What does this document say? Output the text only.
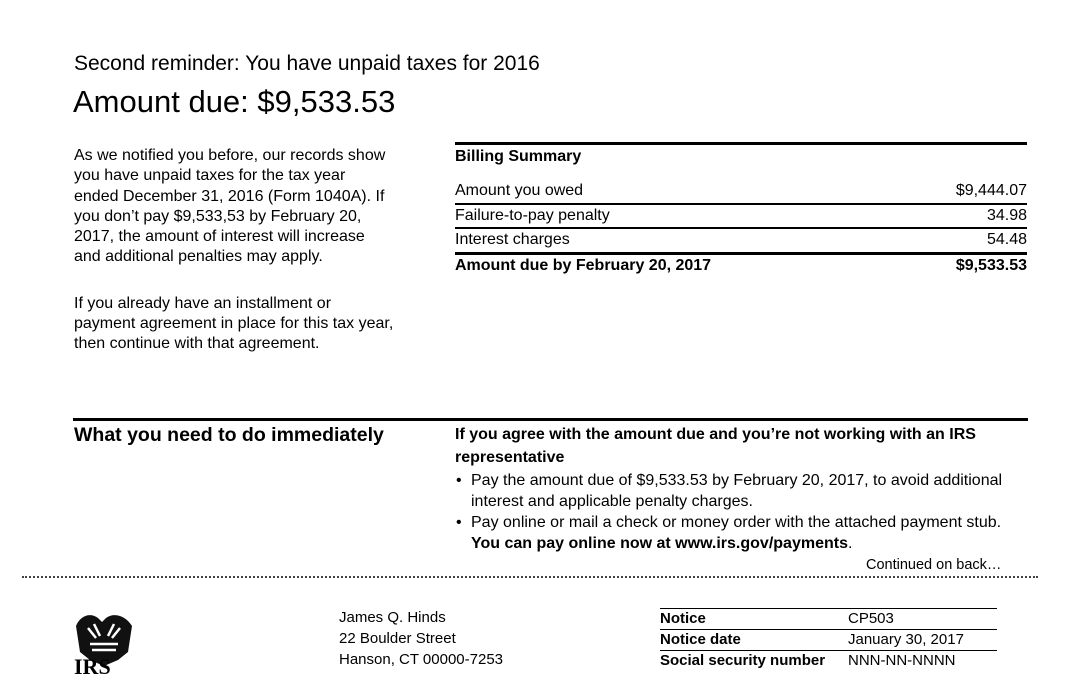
Second reminder: You have unpaid taxes for 2016
Amount due: $9,533.53

As we notified you before, our records show you have unpaid taxes for the tax year ended December 31, 2016 (Form 1040A). If you don’t pay $9,533,53 by February 20, 2017, the amount of interest will increase and additional penalties may apply.

If you already have an installment or payment agreement in place for this tax year, then continue with that agreement.

Billing Summary
Amount you owed	$9,444.07
Failure-to-pay penalty	34.98
Interest charges	54.48
Amount due by February 20, 2017	$9,533.53
What you need to do immediately	If you agree with the amount due and you’re not working with an IRS representative
• Pay the amount due of $9,533.53 by February 20, 2017, to avoid additional interest and applicable penalty charges.
• Pay online or mail a check or money order with the attached payment stub. You can pay online now at www.irs.gov/payments.
Continued on back…
IRS
James Q. Hinds
22 Boulder Street
Hanson, CT 00000-7253
Notice	CP503
Notice date	January 30, 2017
Social security number	NNN-NN-NNNN
